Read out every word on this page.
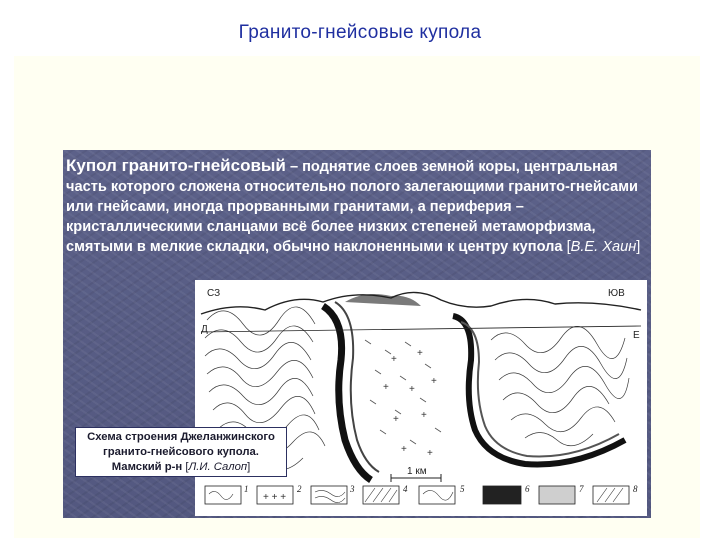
Гранито-гнейсовые купола
Купол гранито-гнейсовый – поднятие слоев земной коры, центральная часть которого сложена относительно полого залегающими гранито-гнейсами или гнейсами, иногда прорванными гранитами, а периферия – кристаллическими сланцами всё более низких степеней метаморфизма, смятыми в мелкие складки, обычно наклоненными к центру купола [В.Е. Хаин]
+
+
+ +
+
+ +
+ +
СЗ	ЮВ
Д
Е
1 км
+ + +
1	2	3	4	5	6	7	8
Схема строения Джеланжинского
гранито-гнейсового купола.
Мамский р-н [Л.И. Салоп]
